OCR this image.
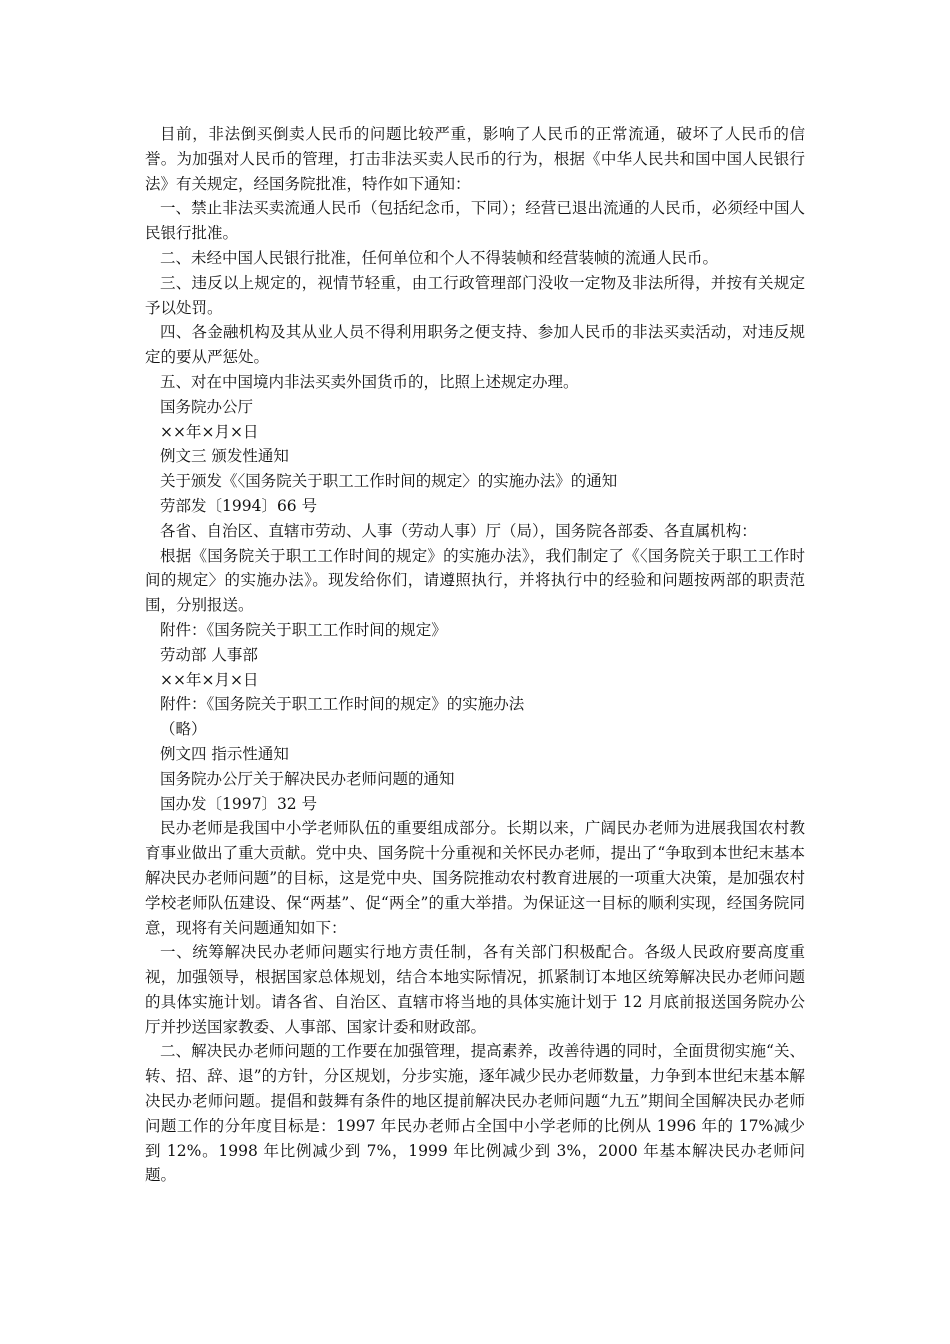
目前，非法倒买倒卖人民币的问题比较严重，影响了人民币的正常流通，破坏了人民币的信誉。为加强对人民币的管理，打击非法买卖人民币的行为，根据《中华人民共和国中国人民银行法》有关规定，经国务院批准，特作如下通知：

一、禁止非法买卖流通人民币（包括纪念币，下同）；经营已退出流通的人民币，必须经中国人民银行批准。

二、未经中国人民银行批准，任何单位和个人不得装帧和经营装帧的流通人民币。

三、违反以上规定的，视情节轻重，由工行政管理部门没收一定物及非法所得，并按有关规定予以处罚。

四、各金融机构及其从业人员不得利用职务之便支持、参加人民币的非法买卖活动，对违反规定的要从严惩处。

五、对在中国境内非法买卖外国货币的，比照上述规定办理。

国务院办公厅

××年×月×日

例文三 颁发性通知

关于颁发《〈国务院关于职工工作时间的规定〉的实施办法》的通知

劳部发〔1994〕66 号

各省、自治区、直辖市劳动、人事（劳动人事）厅（局），国务院各部委、各直属机构：

根据《国务院关于职工工作时间的规定》的实施办法》，我们制定了《〈国务院关于职工工作时间的规定〉的实施办法》。现发给你们，请遵照执行，并将执行中的经验和问题按两部的职责范围，分别报送。

附件：《国务院关于职工工作时间的规定》

劳动部 人事部

××年×月×日

附件：《国务院关于职工工作时间的规定》的实施办法

（略）

例文四 指示性通知

国务院办公厅关于解决民办老师问题的通知

国办发〔1997〕32 号

民办老师是我国中小学老师队伍的重要组成部分。长期以来，广阔民办老师为进展我国农村教育事业做出了重大贡献。党中央、国务院十分重视和关怀民办老师，提出了“争取到本世纪末基本解决民办老师问题”的目标，这是党中央、国务院推动农村教育进展的一项重大决策，是加强农村学校老师队伍建设、保“两基”、促“两全”的重大举措。为保证这一目标的顺利实现，经国务院同意，现将有关问题通知如下：

一、统筹解决民办老师问题实行地方责任制，各有关部门积极配合。各级人民政府要高度重视，加强领导，根据国家总体规划，结合本地实际情况，抓紧制订本地区统筹解决民办老师问题的具体实施计划。请各省、自治区、直辖市将当地的具体实施计划于 12 月底前报送国务院办公厅并抄送国家教委、人事部、国家计委和财政部。

二、解决民办老师问题的工作要在加强管理，提高素养，改善待遇的同时，全面贯彻实施“关、转、招、辞、退”的方针，分区规划，分步实施，逐年减少民办老师数量，力争到本世纪末基本解决民办老师问题。提倡和鼓舞有条件的地区提前解决民办老师问题“九五”期间全国解决民办老师问题工作的分年度目标是：1997 年民办老师占全国中小学老师的比例从 1996 年的 17%减少到 12%。1998 年比例减少到 7%，1999 年比例减少到 3%，2000 年基本解决民办老师问题。
